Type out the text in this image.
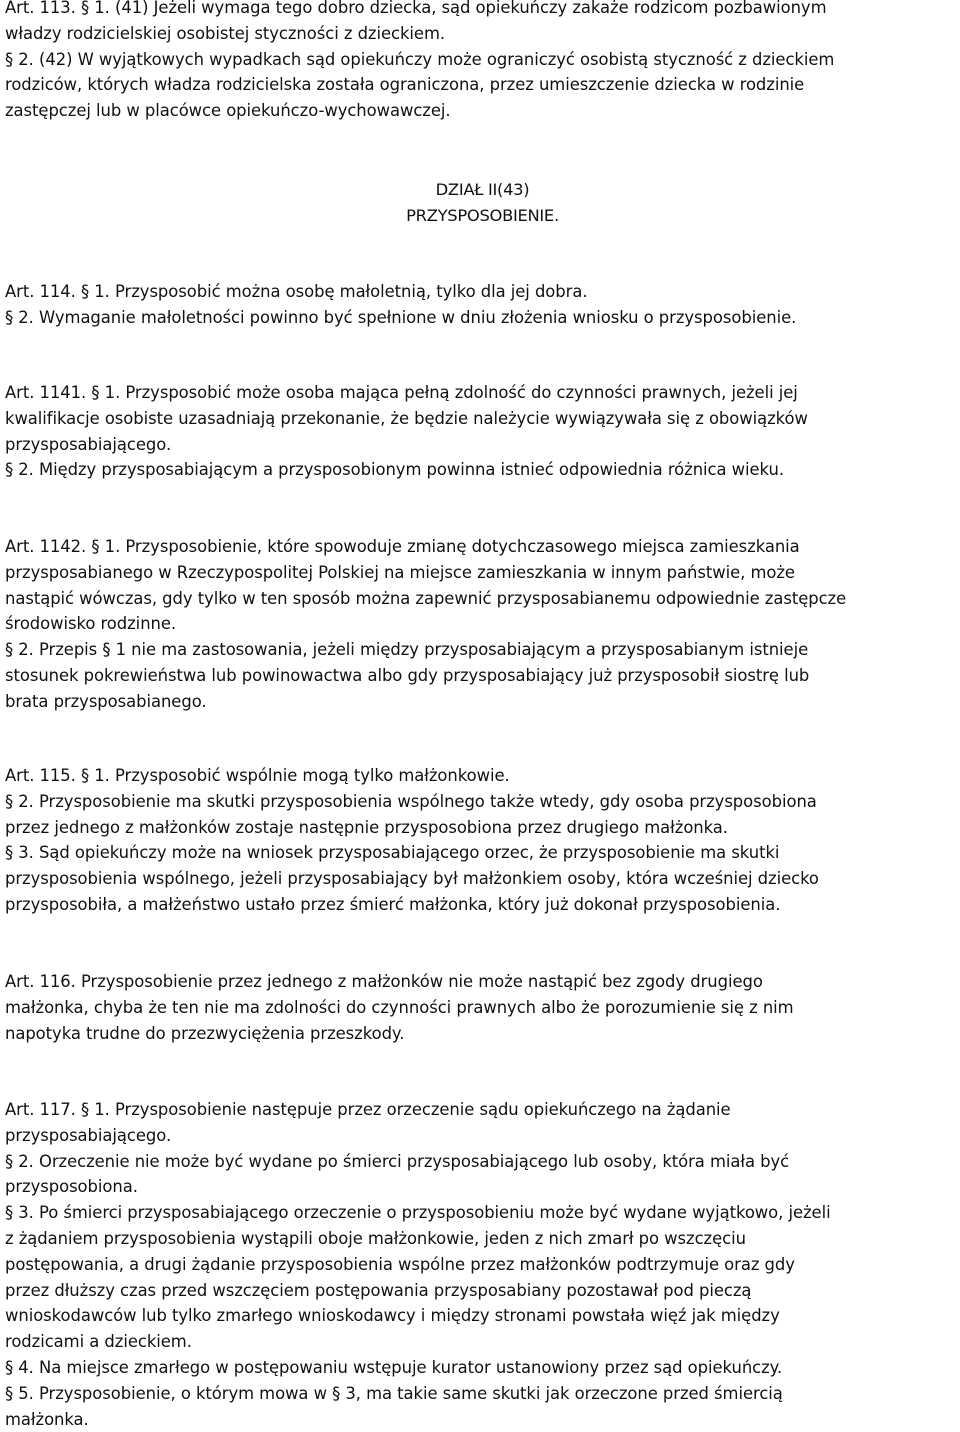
Art. 113. § 1. (41) Jeżeli wymaga tego dobro dziecka, sąd opiekuńczy zakaże rodzicom pozbawionym
władzy rodzicielskiej osobistej styczności z dzieckiem.
§ 2. (42) W wyjątkowych wypadkach sąd opiekuńczy może ograniczyć osobistą styczność z dzieckiem
rodziców, których władza rodzicielska została ograniczona, przez umieszczenie dziecka w rodzinie
zastępczej lub w placówce opiekuńczo-wychowawczej.
DZIAŁ II(43)
PRZYSPOSOBIENIE.
Art. 114. § 1. Przysposobić można osobę małoletnią, tylko dla jej dobra.
§ 2. Wymaganie małoletności powinno być spełnione w dniu złożenia wniosku o przysposobienie.
Art. 1141. § 1. Przysposobić może osoba mająca pełną zdolność do czynności prawnych, jeżeli jej
kwalifikacje osobiste uzasadniają przekonanie, że będzie należycie wywiązywała się z obowiązków
przysposabiającego.
§ 2. Między przysposabiającym a przysposobionym powinna istnieć odpowiednia różnica wieku.
Art. 1142. § 1. Przysposobienie, które spowoduje zmianę dotychczasowego miejsca zamieszkania
przysposabianego w Rzeczypospolitej Polskiej na miejsce zamieszkania w innym państwie, może
nastąpić wówczas, gdy tylko w ten sposób można zapewnić przysposabianemu odpowiednie zastępcze
środowisko rodzinne.
§ 2. Przepis § 1 nie ma zastosowania, jeżeli między przysposabiającym a przysposabianym istnieje
stosunek pokrewieństwa lub powinowactwa albo gdy przysposabiający już przysposobił siostrę lub
brata przysposabianego.
Art. 115. § 1. Przysposobić wspólnie mogą tylko małżonkowie.
§ 2. Przysposobienie ma skutki przysposobienia wspólnego także wtedy, gdy osoba przysposobiona
przez jednego z małżonków zostaje następnie przysposobiona przez drugiego małżonka.
§ 3. Sąd opiekuńczy może na wniosek przysposabiającego orzec, że przysposobienie ma skutki
przysposobienia wspólnego, jeżeli przysposabiający był małżonkiem osoby, która wcześniej dziecko
przysposobiła, a małżeństwo ustało przez śmierć małżonka, który już dokonał przysposobienia.
Art. 116. Przysposobienie przez jednego z małżonków nie może nastąpić bez zgody drugiego
małżonka, chyba że ten nie ma zdolności do czynności prawnych albo że porozumienie się z nim
napotyka trudne do przezwyciężenia przeszkody.
Art. 117. § 1. Przysposobienie następuje przez orzeczenie sądu opiekuńczego na żądanie
przysposabiającego.
§ 2. Orzeczenie nie może być wydane po śmierci przysposabiającego lub osoby, która miała być
przysposobiona.
§ 3. Po śmierci przysposabiającego orzeczenie o przysposobieniu może być wydane wyjątkowo, jeżeli
z żądaniem przysposobienia wystąpili oboje małżonkowie, jeden z nich zmarł po wszczęciu
postępowania, a drugi żądanie przysposobienia wspólne przez małżonków podtrzymuje oraz gdy
przez dłuższy czas przed wszczęciem postępowania przysposabiany pozostawał pod pieczą
wnioskodawców lub tylko zmarłego wnioskodawcy i między stronami powstała więź jak między
rodzicami a dzieckiem.
§ 4. Na miejsce zmarłego w postępowaniu wstępuje kurator ustanowiony przez sąd opiekuńczy.
§ 5. Przysposobienie, o którym mowa w § 3, ma takie same skutki jak orzeczone przed śmiercią
małżonka.
